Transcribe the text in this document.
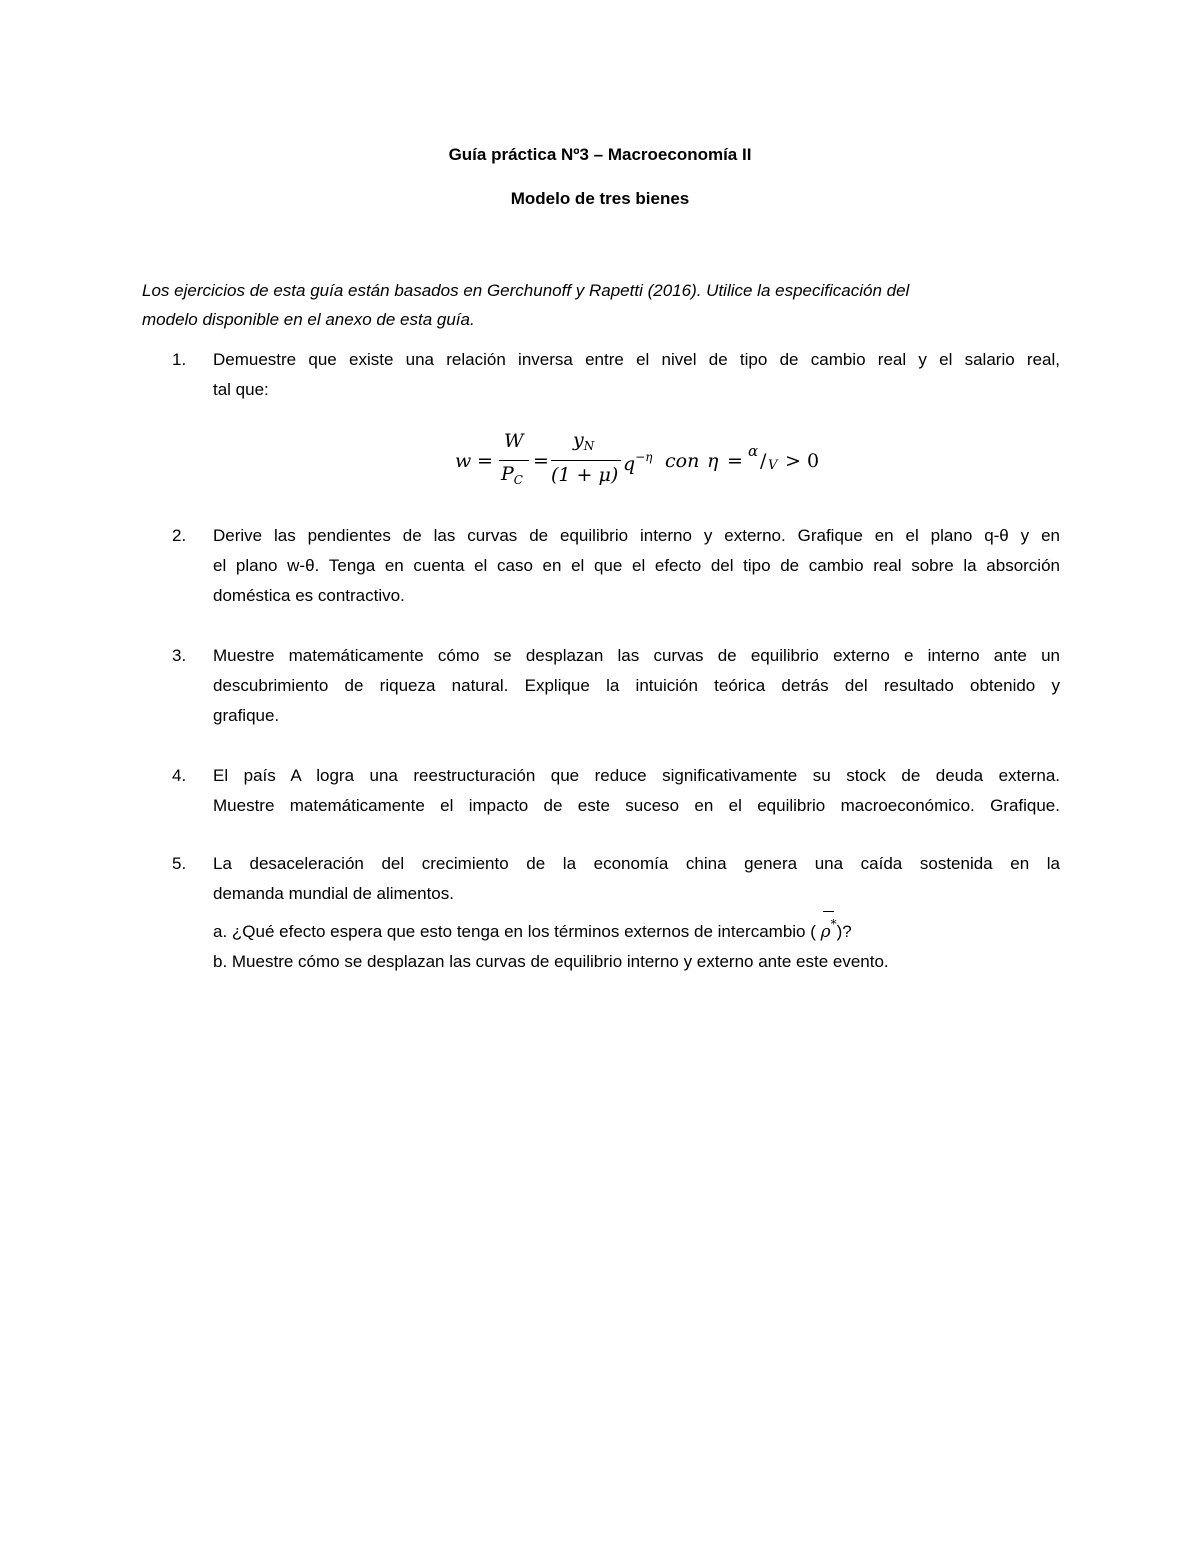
Guía práctica Nº3 – Macroeconomía II
Modelo de tres bienes
Los ejercicios de esta guía están basados en Gerchunoff y Rapetti (2016). Utilice la especificación del
modelo disponible en el anexo de esta guía.
1. Demuestre que existe una relación inversa entre el nivel de tipo de cambio real y el salario real,
tal que:
w =
W
$P_C$
=
$y_N$
(1 + μ) $q^{-\eta}$ con η = α / V > 0
2. Derive las pendientes de las curvas de equilibrio interno y externo. Grafique en el plano q-θ y en
el plano w-θ. Tenga en cuenta el caso en el que el efecto del tipo de cambio real sobre la absorción
doméstica es contractivo.
3. Muestre matemáticamente cómo se desplazan las curvas de equilibrio externo e interno ante un
descubrimiento de riqueza natural. Explique la intuición teórica detrás del resultado obtenido y
grafique.
4. El país A logra una reestructuración que reduce significativamente su stock de deuda externa.
Muestre matemáticamente el impacto de este suceso en el equilibrio macroeconómico. Grafique.
5. La desaceleración del crecimiento de la economía china genera una caída sostenida en la
demanda mundial de alimentos.
a. ¿Qué efecto espera que esto tenga en los términos externos de intercambio ( ρ*)?
b. Muestre cómo se desplazan las curvas de equilibrio interno y externo ante este evento.
